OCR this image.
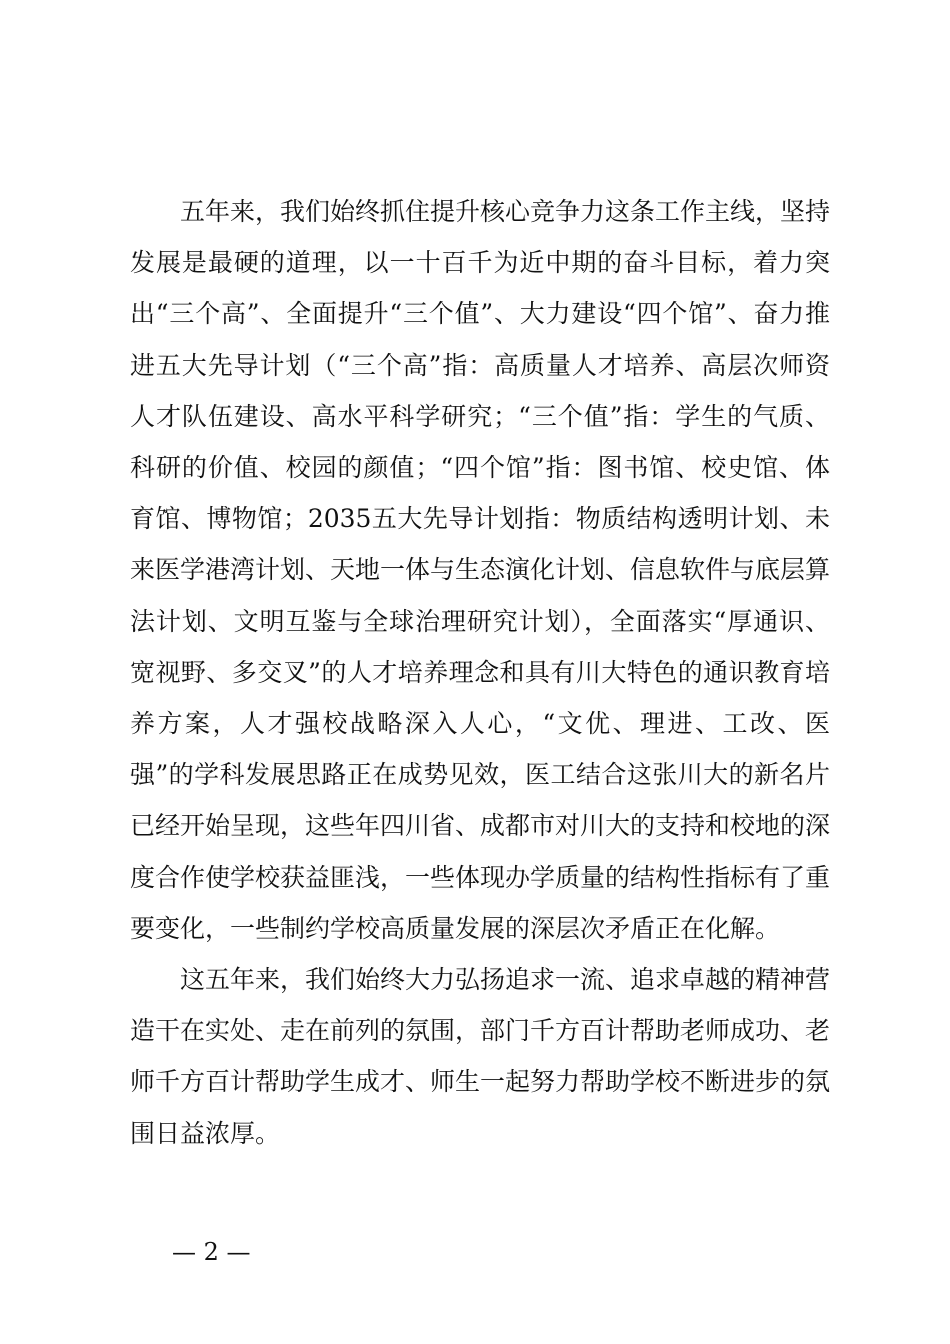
五年来，我们始终抓住提升核心竞争力这条工作主线，坚持发展是最硬的道理，以一十百千为近中期的奋斗目标，着力突出“三个高”、全面提升“三个值”、大力建设“四个馆”、奋力推进五大先导计划（“三个高”指：高质量人才培养、高层次师资人才队伍建设、高水平科学研究；“三个值”指：学生的气质、科研的价值、校园的颜值；“四个馆”指：图书馆、校史馆、体育馆、博物馆；2035五大先导计划指：物质结构透明计划、未来医学港湾计划、天地一体与生态演化计划、信息软件与底层算法计划、文明互鉴与全球治理研究计划），全面落实“厚通识、宽视野、多交叉”的人才培养理念和具有川大特色的通识教育培养方案，人才强校战略深入人心，“文优、理进、工改、医强”的学科发展思路正在成势见效，医工结合这张川大的新名片已经开始呈现，这些年四川省、成都市对川大的支持和校地的深度合作使学校获益匪浅，一些体现办学质量的结构性指标有了重要变化，一些制约学校高质量发展的深层次矛盾正在化解。

这五年来，我们始终大力弘扬追求一流、追求卓越的精神营造干在实处、走在前列的氛围，部门千方百计帮助老师成功、老师千方百计帮助学生成才、师生一起努力帮助学校不断进步的氛围日益浓厚。

— 2 —
